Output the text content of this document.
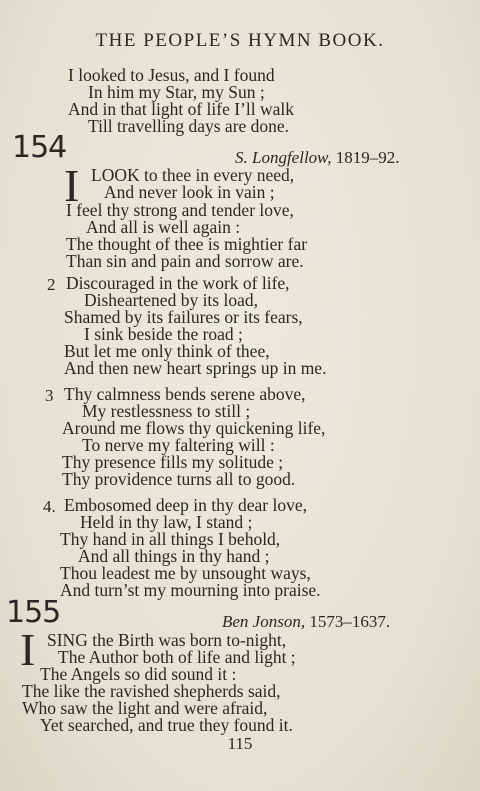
THE PEOPLE’S HYMN BOOK.
I looked to Jesus, and I found
In him my Star, my Sun ;
And in that light of life I’ll walk
Till travelling days are done.
154	S. Longfellow, 1819–92.
I LOOK to thee in every need,
And never look in vain ;
I feel thy strong and tender love,
And all is well again :
The thought of thee is mightier far
Than sin and pain and sorrow are.
2 Discouraged in the work of life,
Disheartened by its load,
Shamed by its failures or its fears,
I sink beside the road ;
But let me only think of thee,
And then new heart springs up in me.
3 Thy calmness bends serene above,
My restlessness to still ;
Around me flows thy quickening life,
To nerve my faltering will :
Thy presence fills my solitude ;
Thy providence turns all to good.
4. Embosomed deep in thy dear love,
Held in thy law, I stand ;
Thy hand in all things I behold,
And all things in thy hand ;
Thou leadest me by unsought ways,
And turn’st my mourning into praise.
155	Ben Jonson, 1573–1637.
I SING the Birth was born to-night,
The Author both of life and light ;
The Angels so did sound it :
The like the ravished shepherds said,
Who saw the light and were afraid,
Yet searched, and true they found it.
115
